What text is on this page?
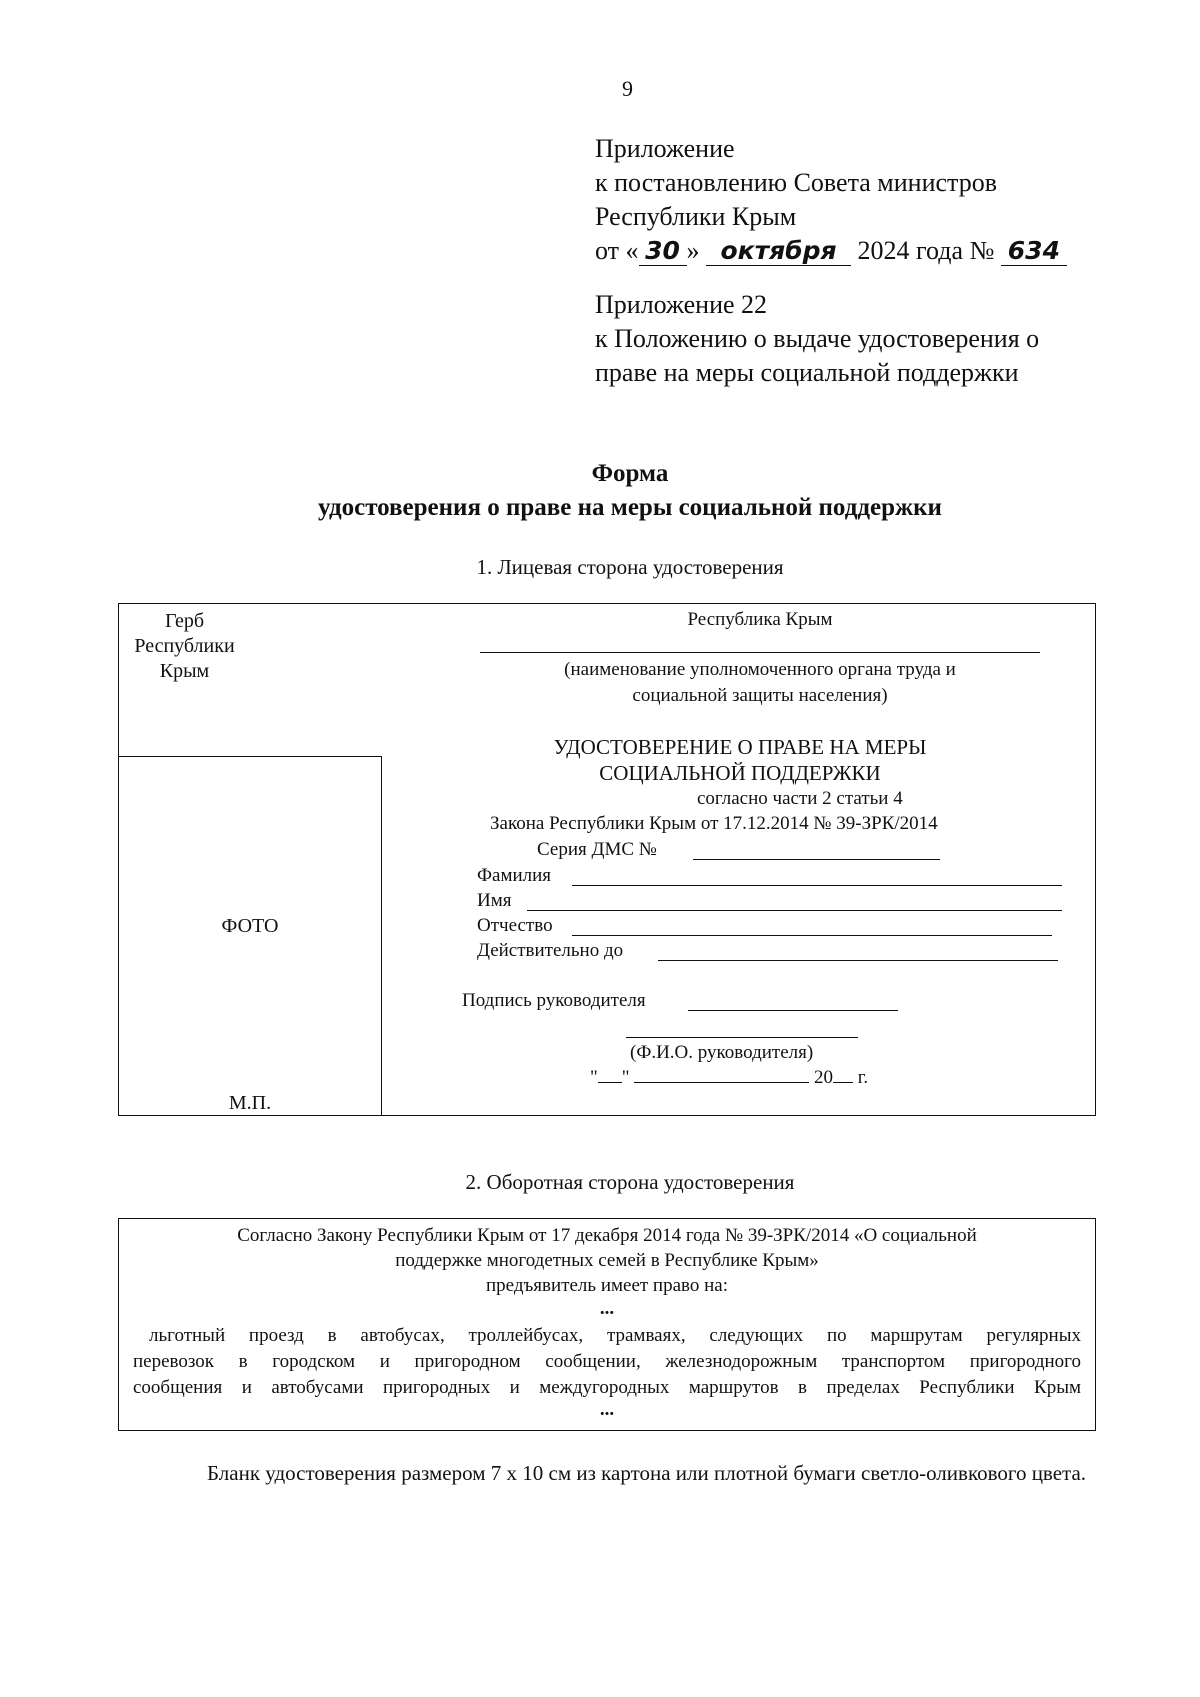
9
Приложение
к постановлению Совета министров
Республики Крым
от « 30 » октября 2024 года № 634
Приложение 22
к Положению о выдаче удостоверения о
праве на меры социальной поддержки
Форма
удостоверения о праве на меры социальной поддержки
1. Лицевая сторона удостоверения
Герб
Республики
Крым
ФОТО
М.П.
Республика Крым
(наименование уполномоченного органа труда и
социальной защиты населения)
УДОСТОВЕРЕНИЕ О ПРАВЕ НА МЕРЫ
СОЦИАЛЬНОЙ ПОДДЕРЖКИ
согласно части 2 статьи 4
Закона Республики Крым от 17.12.2014 № 39-ЗРК/2014
Серия ДМС №
Фамилия
Имя
Отчество
Действительно до
Подпись руководителя
(Ф.И.О. руководителя)
" "	20 г.
2. Оборотная сторона удостоверения
Согласно Закону Республики Крым от 17 декабря 2014 года № 39-ЗРК/2014 «О социальной
поддержке многодетных семей в Республике Крым»
предъявитель имеет право на:
...
льготный проезд в автобусах, троллейбусах, трамваях, следующих по маршрутам регулярных
перевозок в городском и пригородном сообщении, железнодорожным транспортом пригородного
сообщения и автобусами пригородных и междугородных маршрутов в пределах Республики Крым
...
Бланк удостоверения размером 7 х 10 см из картона или плотной бумаги светло-оливкового цвета.
